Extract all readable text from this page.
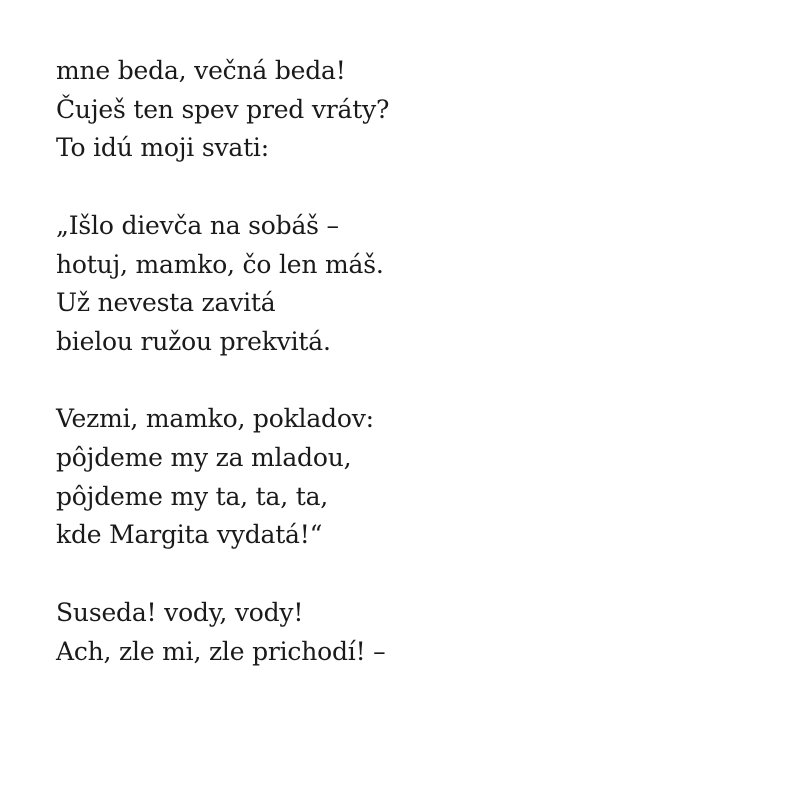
mne beda, večná beda!
Čuješ ten spev pred vráty?
To idú moji svati:

„Išlo dievča na sobáš –
hotuj, mamko, čo len máš.
Už nevesta zavitá
bielou ružou prekvitá.

Vezmi, mamko, pokladov:
pôjdeme my za mladou,
pôjdeme my ta, ta, ta,
kde Margita vydatá!“

Suseda! vody, vody!
Ach, zle mi, zle prichodí! –
